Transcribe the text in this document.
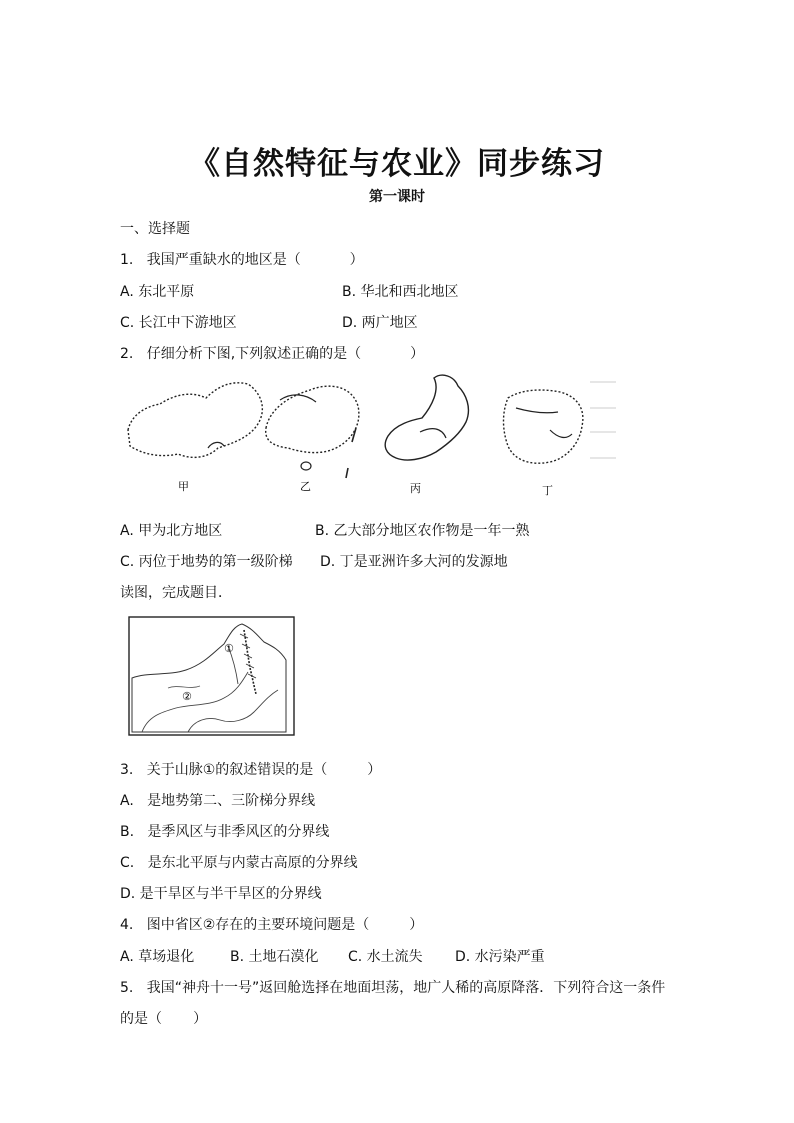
《自然特征与农业》同步练习
第一课时
一、选择题
1.   我国严重缺水的地区是（           ）
A. 东北平原	B. 华北和西北地区
C. 长江中下游地区	D. 两广地区
2.   仔细分析下图,下列叙述正确的是（           ）
甲	乙	丙	丁
A. 甲为北方地区	B. 乙大部分地区农作物是一年一熟
C. 丙位于地势的第一级阶梯 D. 丁是亚洲许多大河的发源地
读图，完成题目．
①
②
3.   关于山脉①的叙述错误的是（         ）
A.   是地势第二、三阶梯分界线
B.   是季风区与非季风区的分界线
C.   是东北平原与内蒙古高原的分界线
D. 是干旱区与半干旱区的分界线
4.   图中省区②存在的主要环境问题是（         ）
A. 草场退化	B. 土地石漠化 C. 水土流失 D. 水污染严重
5.   我国“神舟十一号”返回舱选择在地面坦荡，地广人稀的高原降落．下列符合这一条件
的是（       ）
